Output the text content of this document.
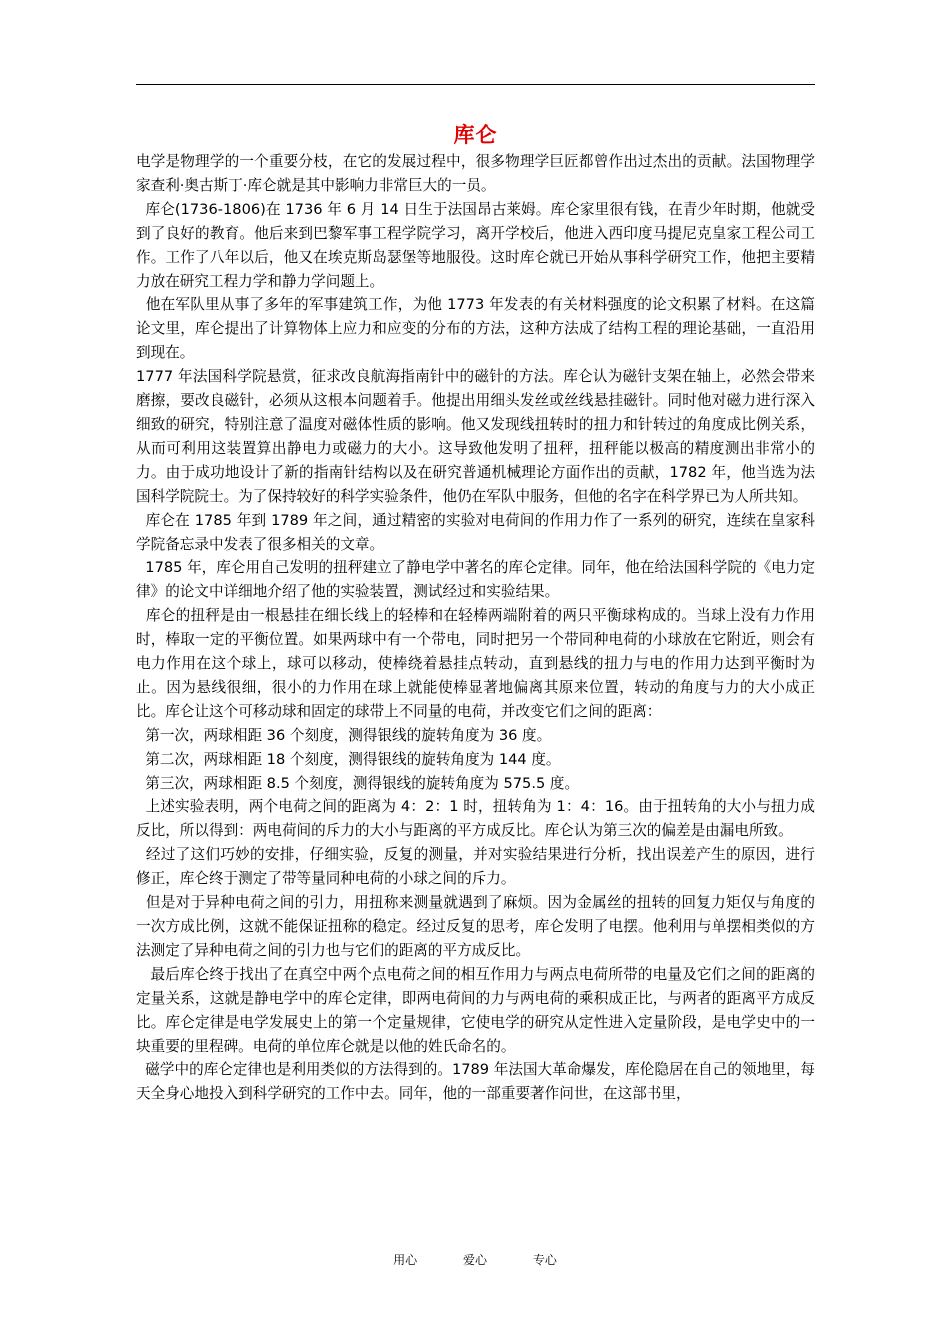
库仑

电学是物理学的一个重要分枝，在它的发展过程中，很多物理学巨匠都曾作出过杰出的贡献。法国物理学家查利·奥古斯丁·库仑就是其中影响力非常巨大的一员。

库仑(1736-1806)在 1736 年 6 月 14 日生于法国昂古莱姆。库仑家里很有钱，在青少年时期，他就受到了良好的教育。他后来到巴黎军事工程学院学习，离开学校后，他进入西印度马提尼克皇家工程公司工作。工作了八年以后，他又在埃克斯岛瑟堡等地服役。这时库仑就已开始从事科学研究工作，他把主要精力放在研究工程力学和静力学问题上。

他在军队里从事了多年的军事建筑工作，为他 1773 年发表的有关材料强度的论文积累了材料。在这篇论文里，库仑提出了计算物体上应力和应变的分布的方法，这种方法成了结构工程的理论基础，一直沿用到现在。

1777 年法国科学院悬赏，征求改良航海指南针中的磁针的方法。库仑认为磁针支架在轴上，必然会带来磨擦，要改良磁针，必须从这根本问题着手。他提出用细头发丝或丝线悬挂磁针。同时他对磁力进行深入细致的研究，特别注意了温度对磁体性质的影响。他又发现线扭转时的扭力和针转过的角度成比例关系，从而可利用这装置算出静电力或磁力的大小。这导致他发明了扭秤，扭秤能以极高的精度测出非常小的力。由于成功地设计了新的指南针结构以及在研究普通机械理论方面作出的贡献，1782 年，他当选为法国科学院院士。为了保持较好的科学实验条件，他仍在军队中服务，但他的名字在科学界已为人所共知。

库仑在 1785 年到 1789 年之间，通过精密的实验对电荷间的作用力作了一系列的研究，连续在皇家科学院备忘录中发表了很多相关的文章。

1785 年，库仑用自己发明的扭秤建立了静电学中著名的库仑定律。同年，他在给法国科学院的《电力定律》的论文中详细地介绍了他的实验装置，测试经过和实验结果。

库仑的扭秤是由一根悬挂在细长线上的轻棒和在轻棒两端附着的两只平衡球构成的。当球上没有力作用时，棒取一定的平衡位置。如果两球中有一个带电，同时把另一个带同种电荷的小球放在它附近，则会有电力作用在这个球上，球可以移动，使棒绕着悬挂点转动，直到悬线的扭力与电的作用力达到平衡时为止。因为悬线很细，很小的力作用在球上就能使棒显著地偏离其原来位置，转动的角度与力的大小成正比。库仑让这个可移动球和固定的球带上不同量的电荷，并改变它们之间的距离：

第一次，两球相距 36 个刻度，测得银线的旋转角度为 36 度。

第二次，两球相距 18 个刻度，测得银线的旋转角度为 144 度。

第三次，两球相距 8.5 个刻度，测得银线的旋转角度为 575.5 度。

上述实验表明，两个电荷之间的距离为 4：2：1 时，扭转角为 1：4：16。由于扭转角的大小与扭力成反比，所以得到：两电荷间的斥力的大小与距离的平方成反比。库仑认为第三次的偏差是由漏电所致。

经过了这们巧妙的安排，仔细实验，反复的测量，并对实验结果进行分析，找出误差产生的原因，进行修正，库仑终于测定了带等量同种电荷的小球之间的斥力。

但是对于异种电荷之间的引力，用扭称来测量就遇到了麻烦。因为金属丝的扭转的回复力矩仅与角度的一次方成比例，这就不能保证扭称的稳定。经过反复的思考，库仑发明了电摆。他利用与单摆相类似的方法测定了异种电荷之间的引力也与它们的距离的平方成反比。

最后库仑终于找出了在真空中两个点电荷之间的相互作用力与两点电荷所带的电量及它们之间的距离的定量关系，这就是静电学中的库仑定律，即两电荷间的力与两电荷的乘积成正比，与两者的距离平方成反比。库仑定律是电学发展史上的第一个定量规律，它使电学的研究从定性进入定量阶段，是电学史中的一块重要的里程碑。电荷的单位库仑就是以他的姓氏命名的。

磁学中的库仑定律也是利用类似的方法得到的。1789 年法国大革命爆发，库伦隐居在自己的领地里，每天全身心地投入到科学研究的工作中去。同年，他的一部重要著作问世，在这部书里，

用心	爱心	专心
